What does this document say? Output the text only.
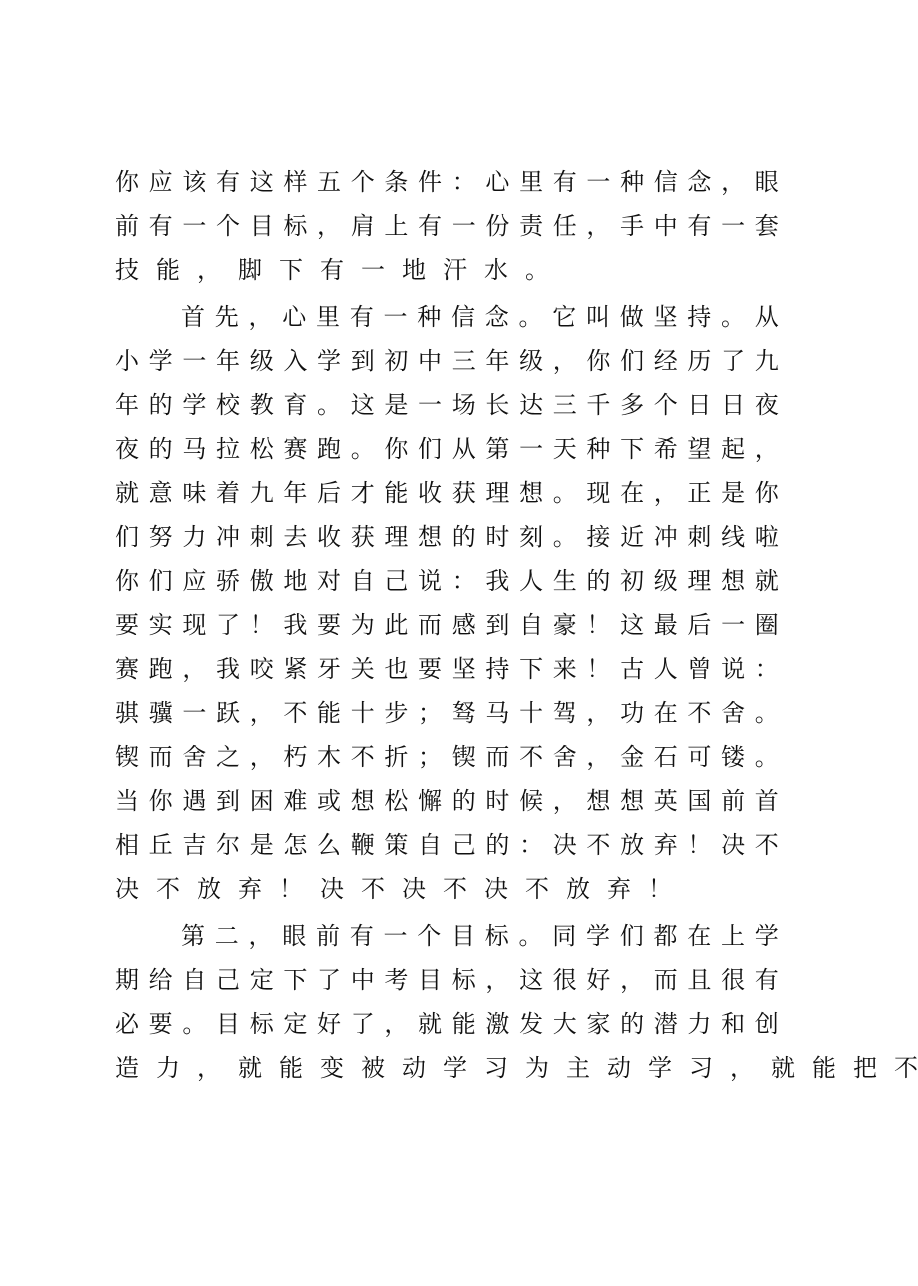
你 应 该 有 这 样 五 个 条 件 ： 心 里 有 一 种 信 念 ， 眼
前 有 一 个 目 标 ， 肩 上 有 一 份 责 任 ， 手 中 有 一 套
技 能 ， 脚 下 有 一 地 汗 水 。
首 先 ， 心 里 有 一 种 信 念 。 它 叫 做 坚 持 。 从
小 学 一 年 级 入 学 到 初 中 三 年 级 ， 你 们 经 历 了 九
年 的 学 校 教 育 。 这 是 一 场 长 达 三 千 多 个 日 日 夜
夜 的 马 拉 松 赛 跑 。 你 们 从 第 一 天 种 下 希 望 起 ，
就 意 味 着 九 年 后 才 能 收 获 理 想 。 现 在 ， 正 是 你
们 努 力 冲 刺 去 收 获 理 想 的 时 刻 。 接 近 冲 刺 线 啦
你 们 应 骄 傲 地 对 自 己 说 ： 我 人 生 的 初 级 理 想 就
要 实 现 了 ！ 我 要 为 此 而 感 到 自 豪 ！ 这 最 后 一 圈
赛 跑 ， 我 咬 紧 牙 关 也 要 坚 持 下 来 ！ 古 人 曾 说 ：
骐 骥 一 跃 ， 不 能 十 步 ； 驽 马 十 驾 ， 功 在 不 舍 。
锲 而 舍 之 ， 朽 木 不 折 ； 锲 而 不 舍 ， 金 石 可 镂 。
当 你 遇 到 困 难 或 想 松 懈 的 时 候 ， 想 想 英 国 前 首
相 丘 吉 尔 是 怎 么 鞭 策 自 己 的 ： 决 不 放 弃 ！ 决 不
决 不 放 弃 ！ 决 不 决 不 决 不 放 弃 ！
第 二 ， 眼 前 有 一 个 目 标 。 同 学 们 都 在 上 学
期 给 自 己 定 下 了 中 考 目 标 ， 这 很 好 ， 而 且 很 有
必 要 。 目 标 定 好 了 ， 就 能 激 发 大 家 的 潜 力 和 创
造 力 ， 就 能 变 被 动 学 习 为 主 动 学 习 ， 就 能 把 不
